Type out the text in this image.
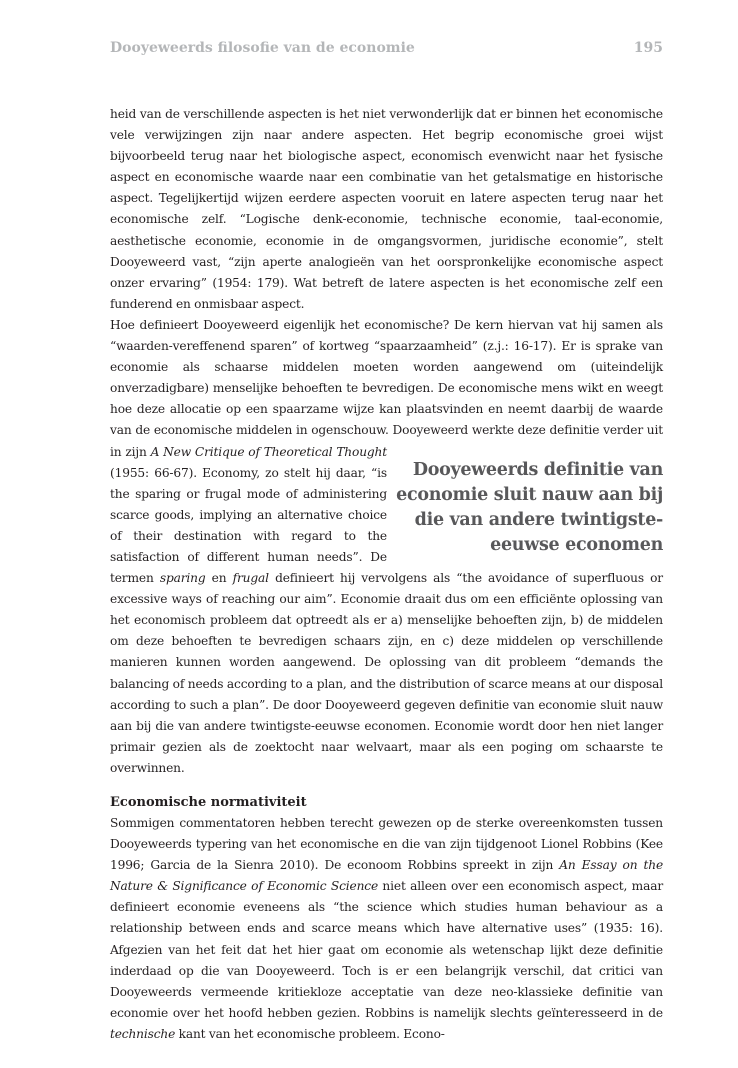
Dooyeweerds filosofie van de economie	195

heid van de verschillende aspecten is het niet verwonderlijk dat er binnen het economische vele verwijzingen zijn naar andere aspecten. Het begrip economische groei wijst bijvoorbeeld terug naar het biologische aspect, economisch evenwicht naar het fysische aspect en economische waarde naar een combinatie van het getalsmatige en historische aspect. Tegelijkertijd wijzen eerdere aspecten vooruit en latere aspecten terug naar het economische zelf. “Logische denk-economie, technische economie, taal-economie, aesthetische economie, economie in de omgangsvormen, juridische economie”, stelt Dooyeweerd vast, “zijn aperte analogieën van het oorspronkelijke economische aspect onzer ervaring” (1954: 179). Wat betreft de latere aspecten is het economische zelf een funderend en onmisbaar aspect.

Hoe definieert Dooyeweerd eigenlijk het economische? De kern hiervan vat hij samen als “waarden-vereffenend sparen” of kortweg “spaarzaamheid” (z.j.: 16-17). Er is sprake van economie als schaarse middelen moeten worden aangewend om (uiteindelijk onverzadigbare) menselijke behoeften te bevredigen. De economische mens wikt en weegt hoe deze allocatie op een spaarzame wijze kan plaatsvinden en neemt daarbij de waarde van de economische middelen in ogenschouw. Dooyeweerd werkte deze definitie verder uit
in zijn A New Critique of Theoretical Thought (1955: 66-67). Economy, zo stelt hij daar, “is the sparing or frugal mode of administering scarce goods, implying an alternative choice of their destination with regard to the satisfaction of different human needs”. De termen sparing en frugal definieert hij vervolgens als “the avoidance of superfluous or excessive ways of reaching our aim”. Economie draait dus om een efficiënte oplossing van het economisch probleem dat optreedt als er a) menselijke behoeften zijn, b) de middelen om deze behoeften te bevredigen schaars zijn, en c) deze middelen op verschillende manieren kunnen worden aangewend. De oplossing van dit probleem “demands the balancing of needs according to a plan, and the distribution of scarce means at our disposal according to such a plan”. De door Dooyeweerd gegeven definitie van economie sluit nauw aan bij die van andere twintigste-eeuwse economen. Economie wordt door hen niet langer primair gezien als de zoektocht naar welvaart, maar als een poging om schaarste te overwinnen.

Economische normativiteit

Sommigen commentatoren hebben terecht gewezen op de sterke overeenkomsten tussen Dooyeweerds typering van het economische en die van zijn tijdgenoot Lionel Robbins (Kee 1996; Garcia de la Sienra 2010). De econoom Robbins spreekt in zijn An Essay on the Nature & Significance of Economic Science niet alleen over een economisch aspect, maar definieert economie eveneens als “the science which studies human behaviour as a relationship between ends and scarce means which have alternative uses” (1935: 16). Afgezien van het feit dat het hier gaat om economie als wetenschap lijkt deze definitie inderdaad op die van Dooyeweerd. Toch is er een belangrijk verschil, dat critici van Dooyeweerds vermeende kritiekloze acceptatie van deze neo-klassieke definitie van economie over het hoofd hebben gezien. Robbins is namelijk slechts geïnteresseerd in de technische kant van het economische probleem. Econo-

Dooyeweerds definitie van economie sluit nauw aan bij die van andere twintigste-eeuwse economen
